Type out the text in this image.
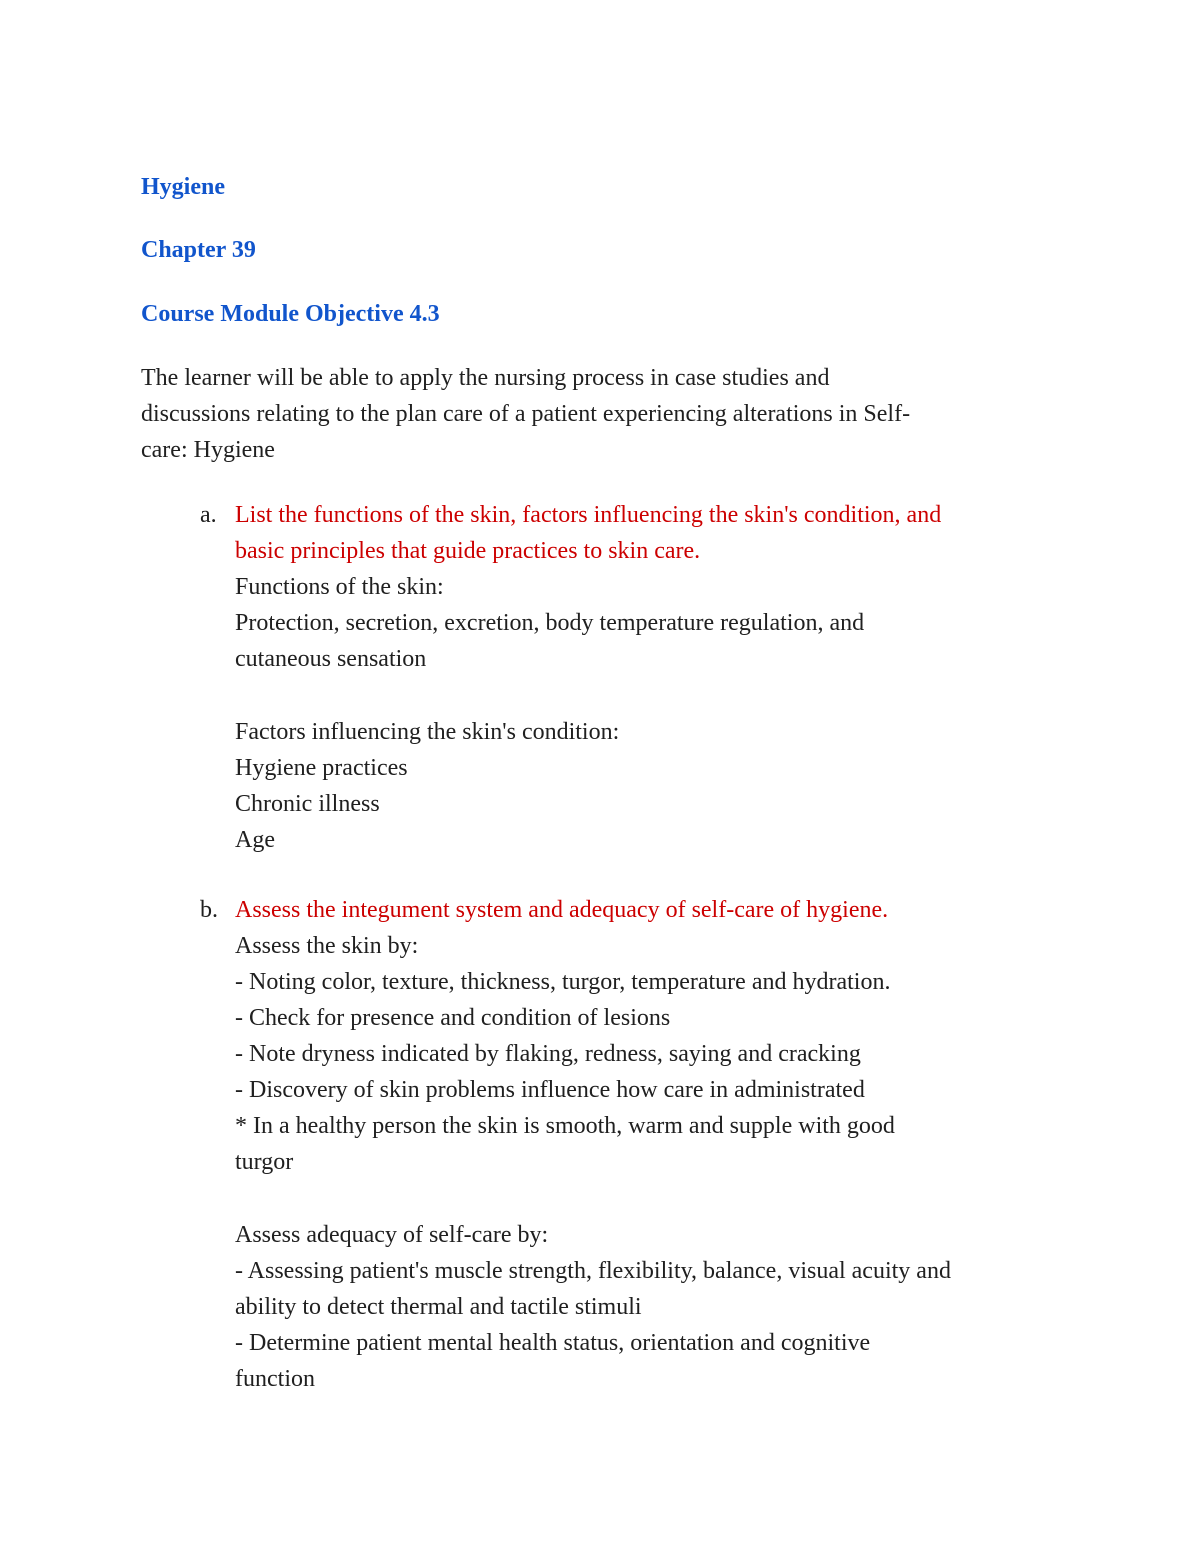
Hygiene
Chapter 39
Course Module Objective 4.3
The learner will be able to apply the nursing process in case studies and
discussions relating to the plan care of a patient experiencing alterations in Self-
care: Hygiene
a. List the functions of the skin, factors influencing the skin's condition, and
basic principles that guide practices to skin care.
Functions of the skin:
Protection, secretion, excretion, body temperature regulation, and
cutaneous sensation
Factors influencing the skin's condition:
Hygiene practices
Chronic illness
Age
b. Assess the integument system and adequacy of self-care of hygiene.
Assess the skin by:
- Noting color, texture, thickness, turgor, temperature and hydration.
- Check for presence and condition of lesions
- Note dryness indicated by flaking, redness, saying and cracking
- Discovery of skin problems influence how care in administrated
* In a healthy person the skin is smooth, warm and supple with good
turgor
Assess adequacy of self-care by:
- Assessing patient's muscle strength, flexibility, balance, visual acuity and
ability to detect thermal and tactile stimuli
- Determine patient mental health status, orientation and cognitive
function
